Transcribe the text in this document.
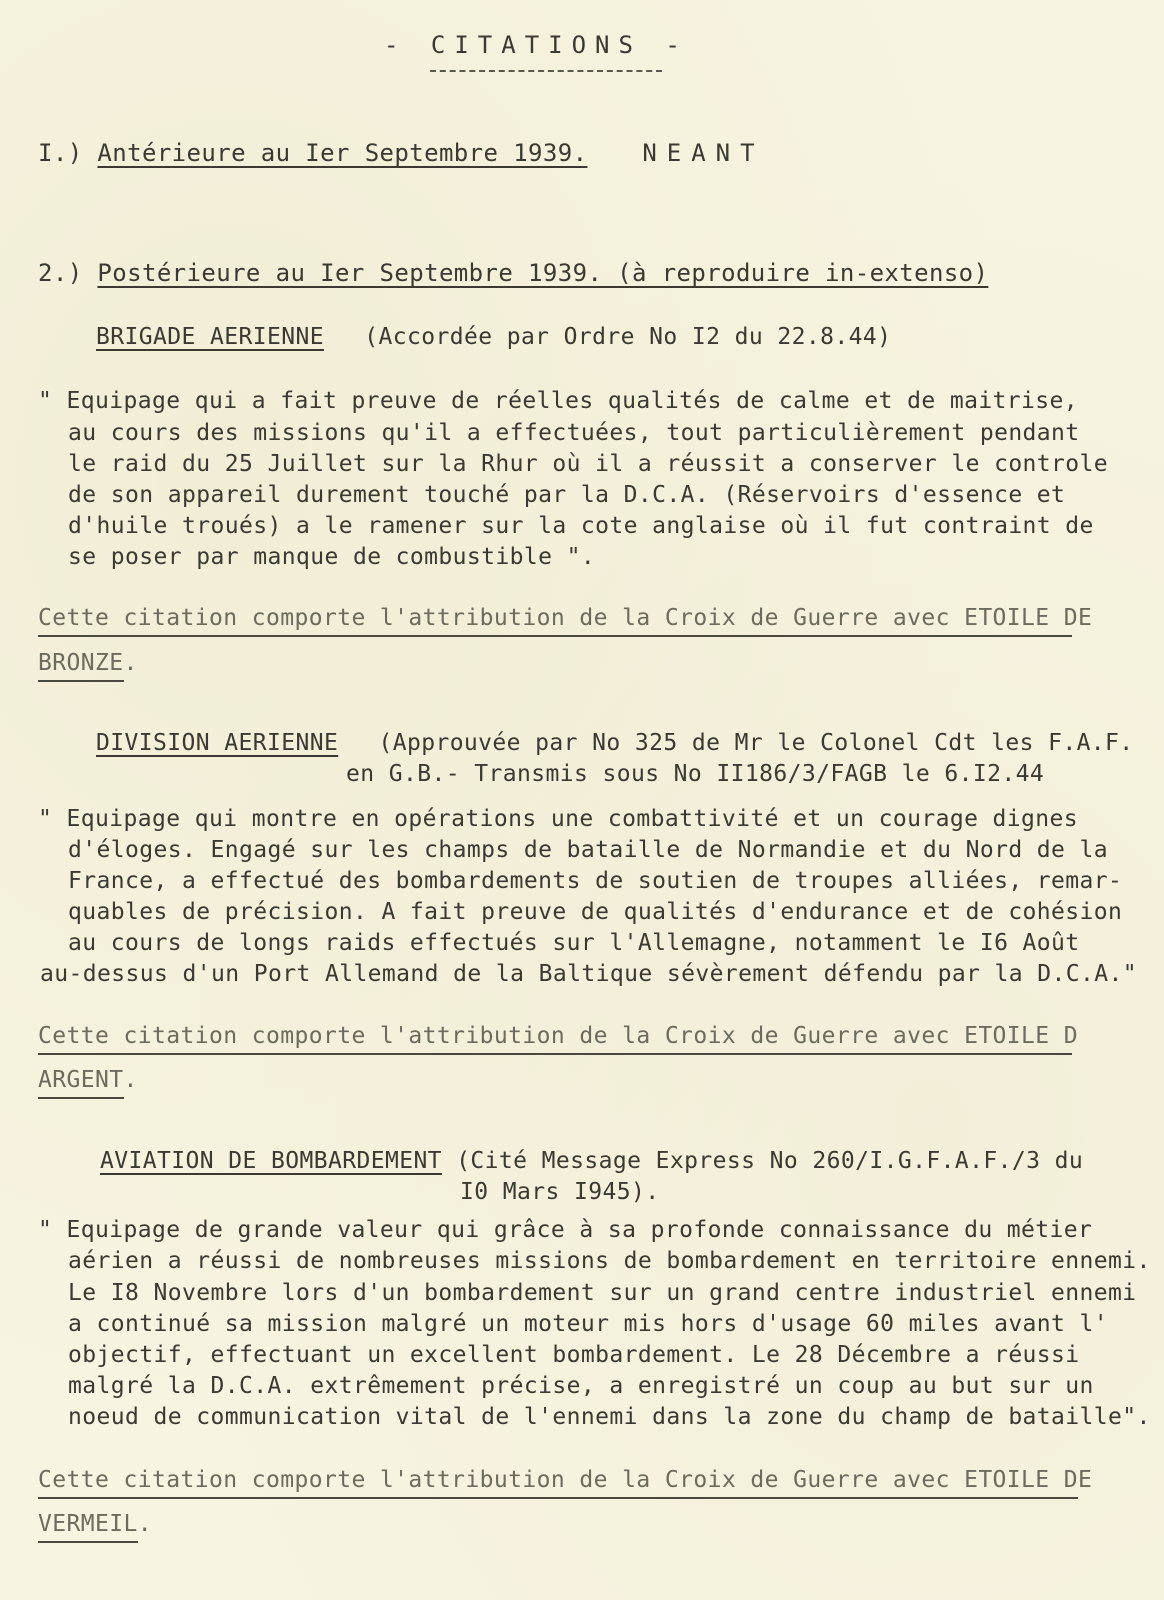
- CITATIONS -
I.) Antérieure au Ier Septembre 1939. NEANT
2.) Postérieure au Ier Septembre 1939. (à reproduire in-extenso)
BRIGADE AERIENNE (Accordée par Ordre No I2 du 22.8.44)
" Equipage qui a fait preuve de réelles qualités de calme et de maitrise,
au cours des missions qu'il a effectuées, tout particulièrement pendant
le raid du 25 Juillet sur la Rhur où il a réussit a conserver le controle
de son appareil durement touché par la D.C.A. (Réservoirs d'essence et
d'huile troués) a le ramener sur la cote anglaise où il fut contraint de
se poser par manque de combustible ".
Cette citation comporte l'attribution de la Croix de Guerre avec ETOILE DE
BRONZE.
DIVISION AERIENNE (Approuvée par No 325 de Mr le Colonel Cdt les F.A.F.
en G.B.- Transmis sous No II186/3/FAGB le 6.I2.44
" Equipage qui montre en opérations une combattivité et un courage dignes
d'éloges. Engagé sur les champs de bataille de Normandie et du Nord de la
France, a effectué des bombardements de soutien de troupes alliées, remar-
quables de précision. A fait preuve de qualités d'endurance et de cohésion
au cours de longs raids effectués sur l'Allemagne, notamment le I6 Août
au-dessus d'un Port Allemand de la Baltique sévèrement défendu par la D.C.A."
Cette citation comporte l'attribution de la Croix de Guerre avec ETOILE D
ARGENT.
AVIATION DE BOMBARDEMENT (Cité Message Express No 260/I.G.F.A.F./3 du
I0 Mars I945).
" Equipage de grande valeur qui grâce à sa profonde connaissance du métier
aérien a réussi de nombreuses missions de bombardement en territoire ennemi.
Le I8 Novembre lors d'un bombardement sur un grand centre industriel ennemi
a continué sa mission malgré un moteur mis hors d'usage 60 miles avant l'
objectif, effectuant un excellent bombardement. Le 28 Décembre a réussi
malgré la D.C.A. extrêmement précise, a enregistré un coup au but sur un
noeud de communication vital de l'ennemi dans la zone du champ de bataille".
Cette citation comporte l'attribution de la Croix de Guerre avec ETOILE DE
VERMEIL.
